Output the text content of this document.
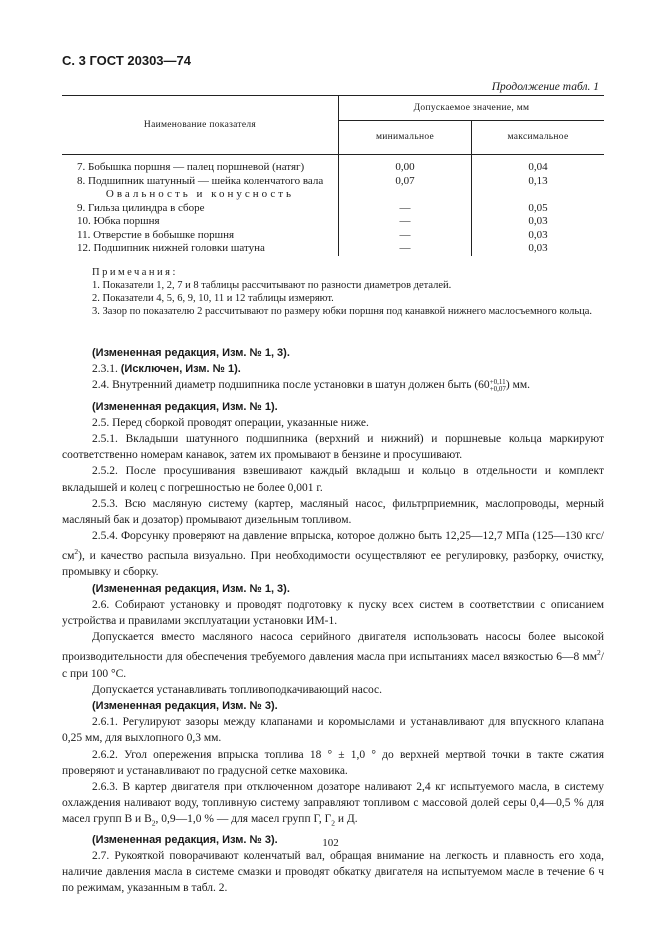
С. 3 ГОСТ 20303—74
Продолжение табл. 1
Наименование показателя	Допускаемое значение, мм	
	минимальное	максимальное
7. Бобышка поршня — палец поршневой (натяг)	0,00	0,04
8. Подшипник шатунный — шейка коленчатого вала	0,07	0,13
Овальность и конусность		
9. Гильза цилиндра в сборе	—	0,05
10. Юбка поршня	—	0,03
11. Отверстие в бобышке поршня	—	0,03
12. Подшипник нижней головки шатуна	—	0,03

Примечания:

1. Показатели 1, 2, 7 и 8 таблицы рассчитывают по разности диаметров деталей.

2. Показатели 4, 5, 6, 9, 10, 11 и 12 таблицы измеряют.

3. Зазор по показателю 2 рассчитывают по размеру юбки поршня под канавкой нижнего маслосъемного кольца.

(Измененная редакция, Изм. № 1, 3).

2.3.1. (Исключен, Изм. № 1).

2.4. Внутренний диаметр подшипника после установки в шатун должен быть (60+0,11
+0,07) мм.

(Измененная редакция, Изм. № 1).

2.5. Перед сборкой проводят операции, указанные ниже.

2.5.1. Вкладыши шатунного подшипника (верхний и нижний) и поршневые кольца маркируют соответственно номерам канавок, затем их промывают в бензине и просушивают.

2.5.2. После просушивания взвешивают каждый вкладыш и кольцо в отдельности и комплект вкладышей и колец с погрешностью не более 0,001 г.

2.5.3. Всю масляную систему (картер, масляный насос, фильтрприемник, маслопроводы, мерный масляный бак и дозатор) промывают дизельным топливом.

2.5.4. Форсунку проверяют на давление впрыска, которое должно быть 12,25—12,7 МПа (125—130 кгс/$см^2$), и качество распыла визуально. При необходимости осуществляют ее регулировку, разборку, очистку, промывку и сборку.

(Измененная редакция, Изм. № 1, 3).

2.6. Собирают установку и проводят подготовку к пуску всех систем в соответствии с описанием устройства и правилами эксплуатации установки ИМ-1.

Допускается вместо масляного насоса серийного двигателя использовать насосы более высокой производительности для обеспечения требуемого давления масла при испытаниях масел вязкостью 6—8 $мм^2/с$ при 100 °С.

Допускается устанавливать топливоподкачивающий насос.

(Измененная редакция, Изм. № 3).

2.6.1. Регулируют зазоры между клапанами и коромыслами и устанавливают для впускного клапана 0,25 мм, для выхлопного 0,3 мм.

2.6.2. Угол опережения впрыска топлива 18 ° ± 1,0 ° до верхней мертвой точки в такте сжатия проверяют и устанавливают по градусной сетке маховика.

2.6.3. В картер двигателя при отключенном дозаторе наливают 2,4 кг испытуемого масла, в систему охлаждения наливают воду, топливную систему заправляют топливом с массовой долей серы 0,4—0,5 % для масел групп В и $В_2$, 0,9—1,0 % — для масел групп Г, $Г_2$ и Д.

(Измененная редакция, Изм. № 3).

2.7. Рукояткой поворачивают коленчатый вал, обращая внимание на легкость и плавность его хода, наличие давления масла в системе смазки и проводят обкатку двигателя на испытуемом масле в течение 6 ч по режимам, указанным в табл. 2.

102
